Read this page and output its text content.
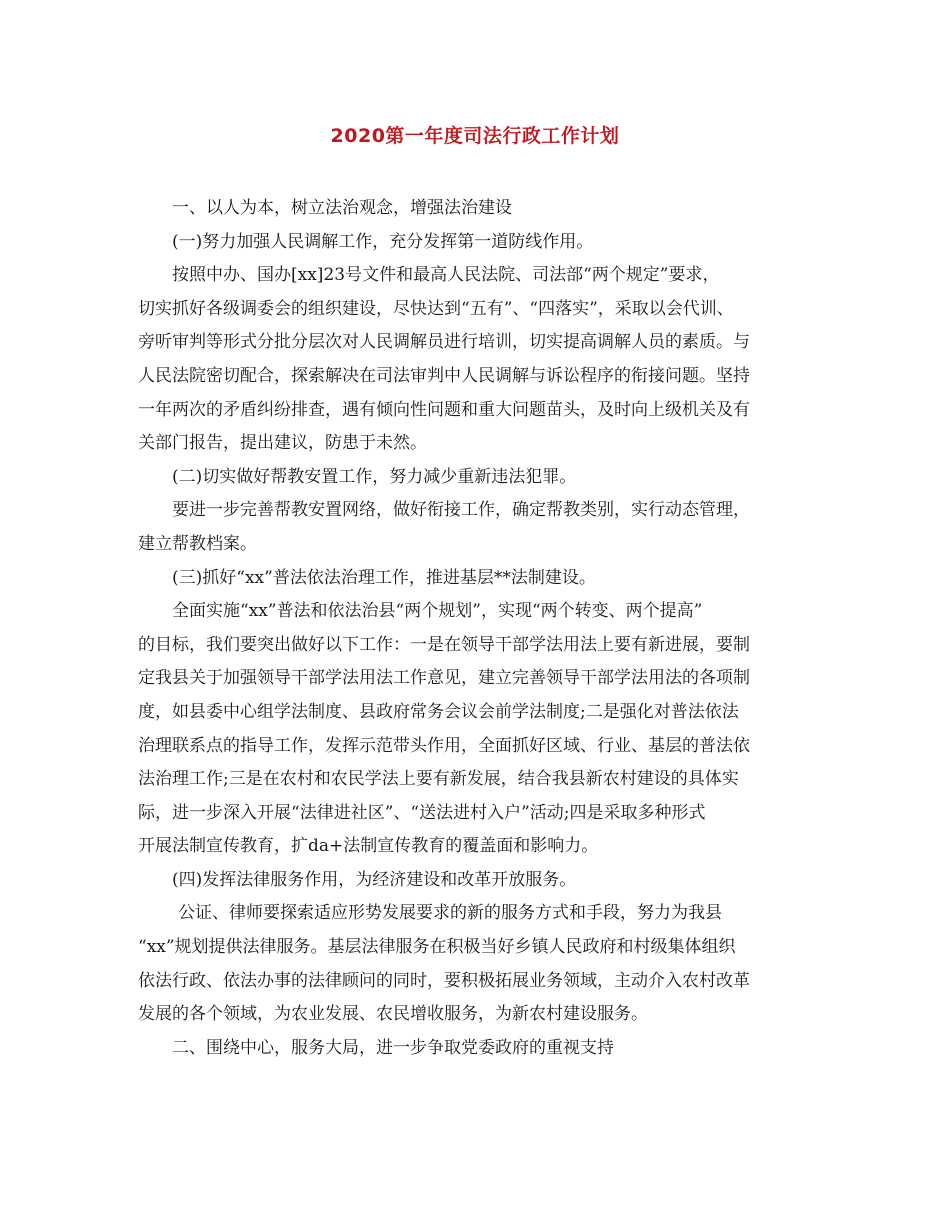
2020第一年度司法行政工作计划
一、以人为本，树立法治观念，增强法治建设
(一)努力加强人民调解工作，充分发挥第一道防线作用。
按照中办、国办[xx]23号文件和最高人民法院、司法部“两个规定”要求，
切实抓好各级调委会的组织建设，尽快达到“五有”、“四落实”，采取以会代训、
旁听审判等形式分批分层次对人民调解员进行培训，切实提高调解人员的素质。与
人民法院密切配合，探索解决在司法审判中人民调解与诉讼程序的衔接问题。坚持
一年两次的矛盾纠纷排查，遇有倾向性问题和重大问题苗头，及时向上级机关及有
关部门报告，提出建议，防患于未然。
(二)切实做好帮教安置工作，努力减少重新违法犯罪。
要进一步完善帮教安置网络，做好衔接工作，确定帮教类别，实行动态管理，
建立帮教档案。
(三)抓好“xx”普法依法治理工作，推进基层**法制建设。
全面实施“xx”普法和依法治县“两个规划”，实现“两个转变、两个提高”
的目标，我们要突出做好以下工作：一是在领导干部学法用法上要有新进展，要制
定我县关于加强领导干部学法用法工作意见，建立完善领导干部学法用法的各项制
度，如县委中心组学法制度、县政府常务会议会前学法制度;二是强化对普法依法
治理联系点的指导工作，发挥示范带头作用，全面抓好区域、行业、基层的普法依
法治理工作;三是在农村和农民学法上要有新发展，结合我县新农村建设的具体实
际，进一步深入开展“法律进社区”、“送法进村入户”活动;四是采取多种形式
开展法制宣传教育，扩da+法制宣传教育的覆盖面和影响力。
(四)发挥法律服务作用，为经济建设和改革开放服务。
公证、律师要探索适应形势发展要求的新的服务方式和手段，努力为我县
“xx”规划提供法律服务。基层法律服务在积极当好乡镇人民政府和村级集体组织
依法行政、依法办事的法律顾问的同时，要积极拓展业务领域，主动介入农村改革
发展的各个领域，为农业发展、农民增收服务，为新农村建设服务。
二、围绕中心，服务大局，进一步争取党委政府的重视支持
